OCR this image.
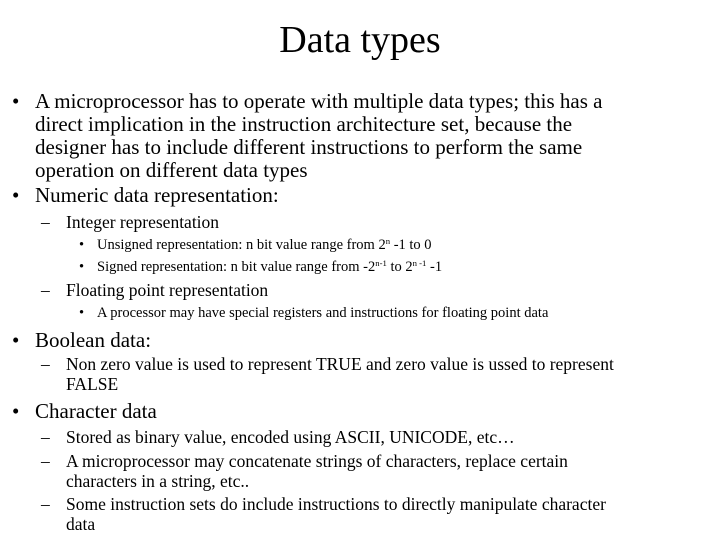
Data types
• A microprocessor has to operate with multiple data types; this has a
direct implication in the instruction architecture set, because the
designer has to include different instructions to perform the same
operation on different data types
• Numeric data representation:
– Integer representation
• Unsigned representation: n bit value range from 2$^n$ -1 to 0
• Signed representation: n bit value range from -2$^{n-1}$ to 2$^{n -1}$ -1
– Floating point representation
• A processor may have special registers and instructions for floating point data
• Boolean data:
– Non zero value is used to represent TRUE and zero value is ussed to represent
FALSE
• Character data
– Stored as binary value, encoded using ASCII, UNICODE, etc…
– A microprocessor may concatenate strings of characters, replace certain
characters in a string, etc..
– Some instruction sets do include instructions to directly manipulate character
data
